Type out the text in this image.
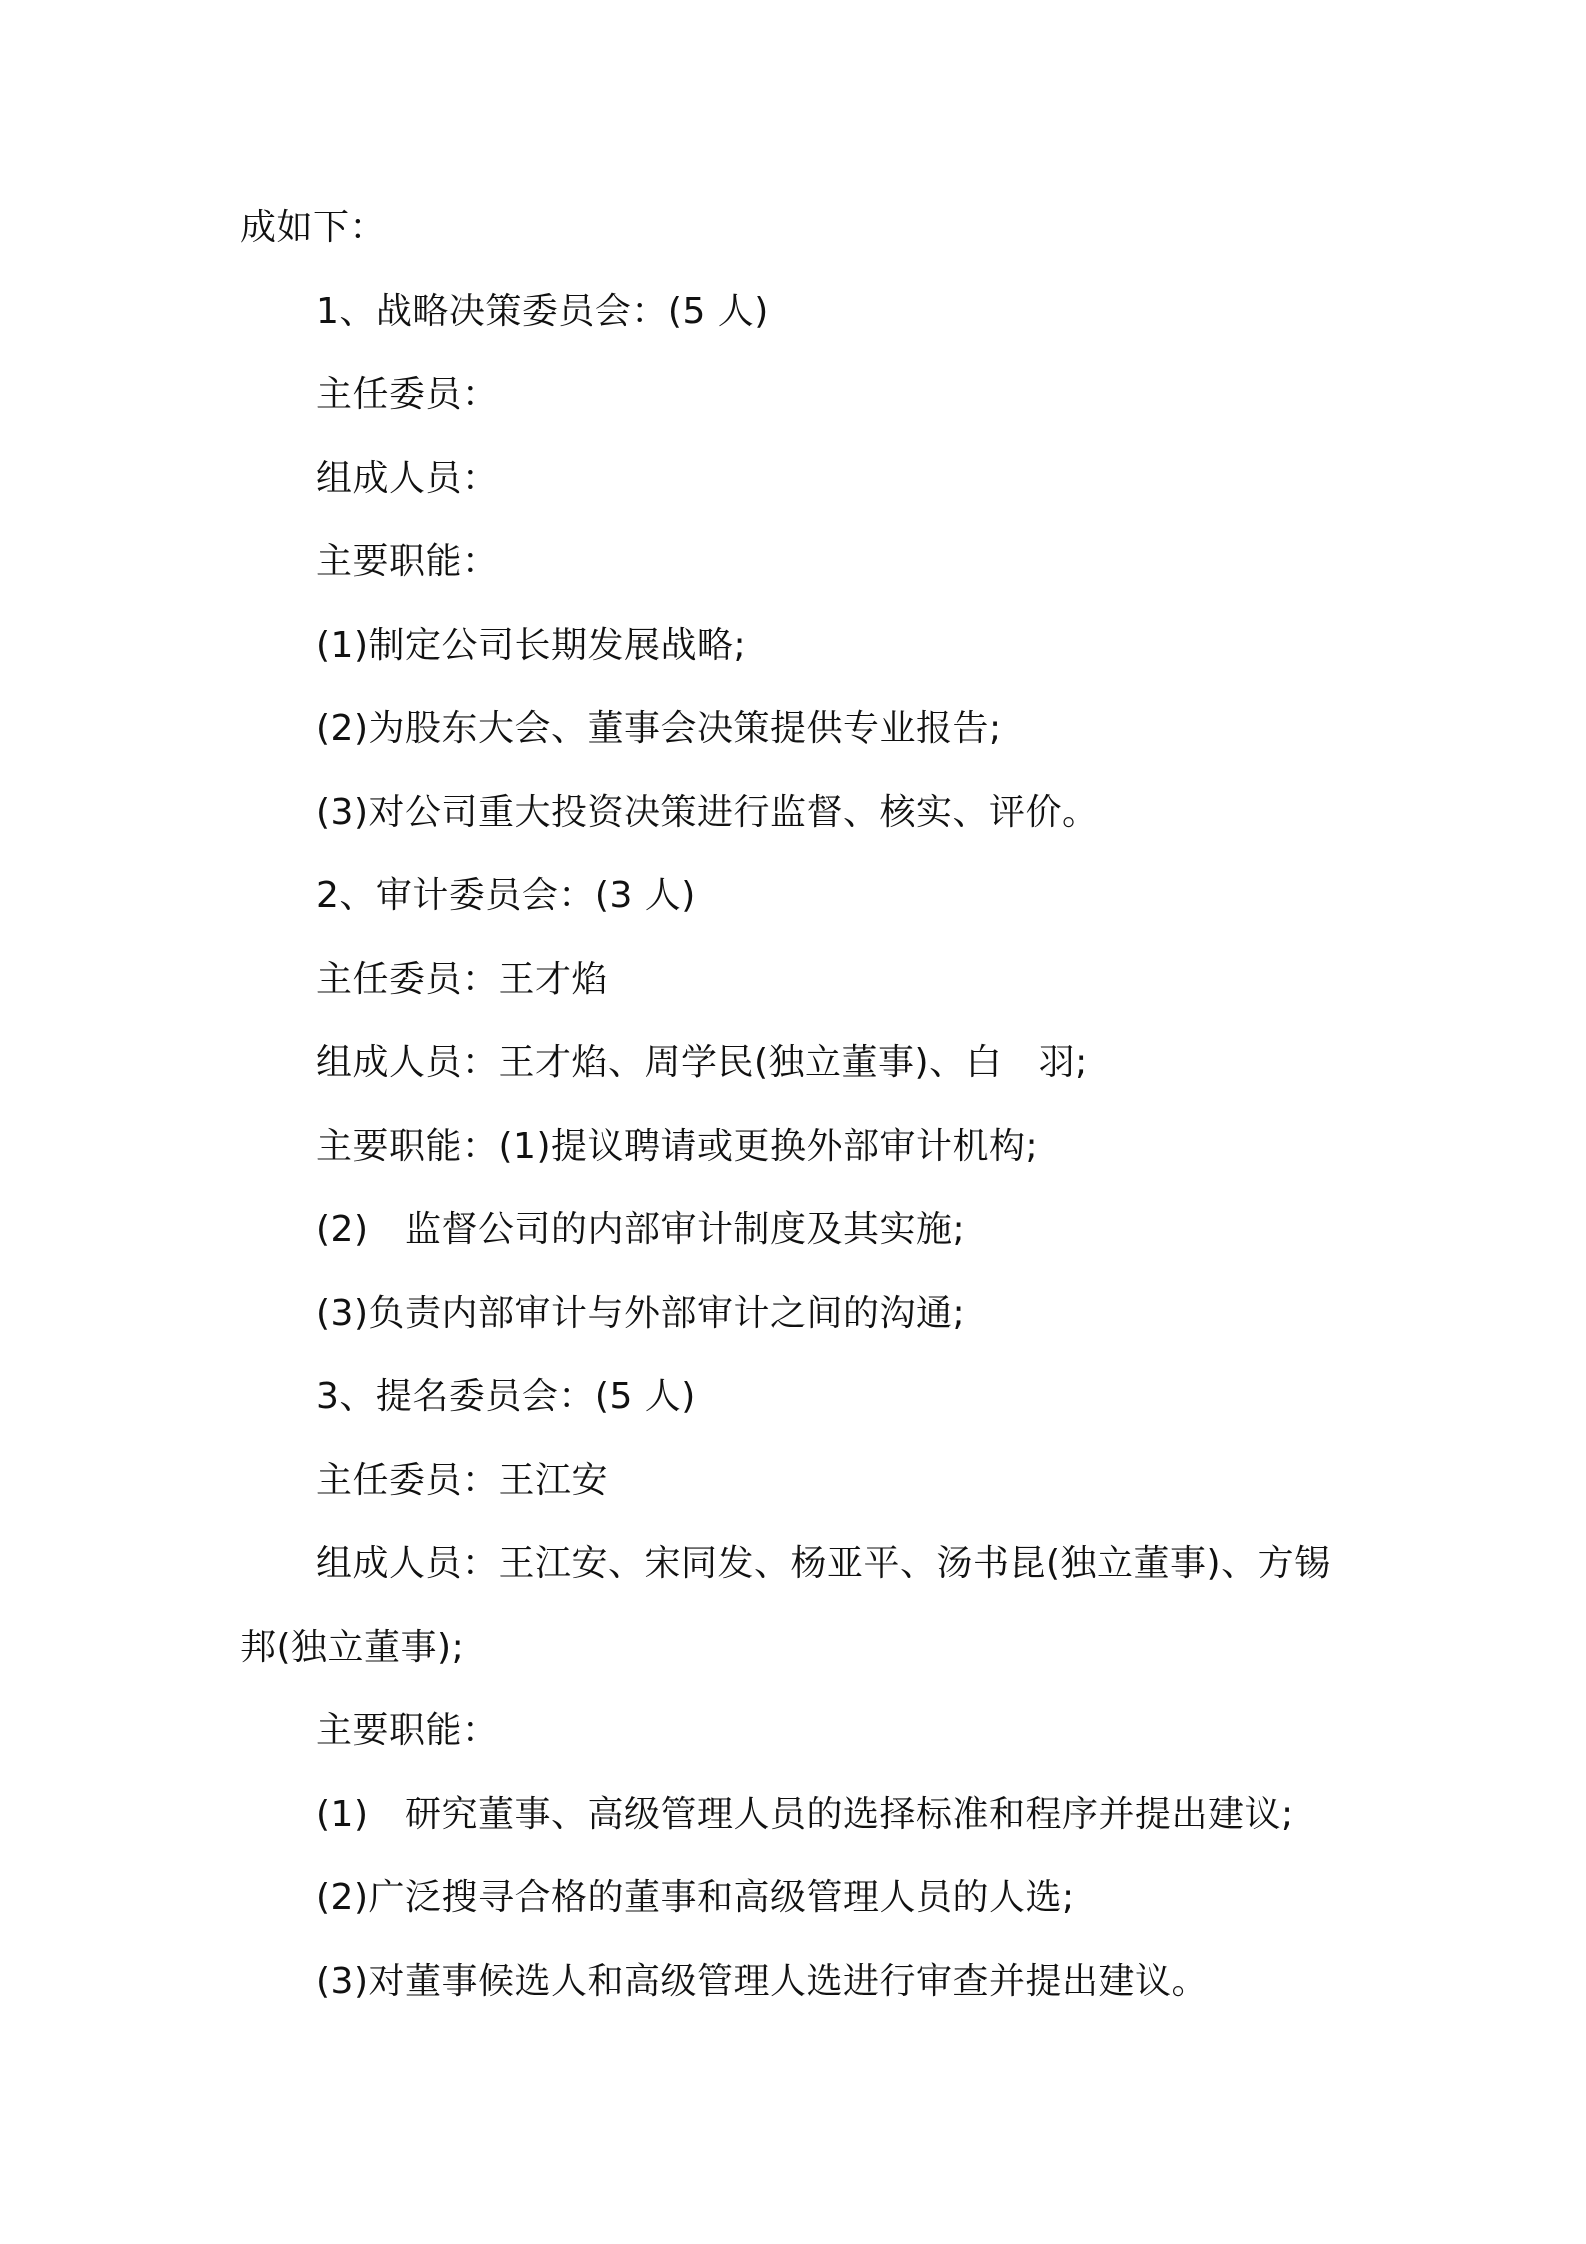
成如下：
1、战略决策委员会：(5 人)
主任委员：
组成人员：
主要职能：
(1)制定公司长期发展战略;
(2)为股东大会、董事会决策提供专业报告;
(3)对公司重大投资决策进行监督、核实、评价。
2、审计委员会：(3 人)
主任委员：王才焰
组成人员：王才焰、周学民(独立董事)、白　羽;
主要职能：(1)提议聘请或更换外部审计机构;
(2)　监督公司的内部审计制度及其实施;
(3)负责内部审计与外部审计之间的沟通;
3、提名委员会：(5 人)
主任委员：王江安
组成人员：王江安、宋同发、杨亚平、汤书昆(独立董事)、方锡
邦(独立董事);
主要职能：
(1)　研究董事、高级管理人员的选择标准和程序并提出建议;
(2)广泛搜寻合格的董事和高级管理人员的人选;
(3)对董事候选人和高级管理人选进行审查并提出建议。
